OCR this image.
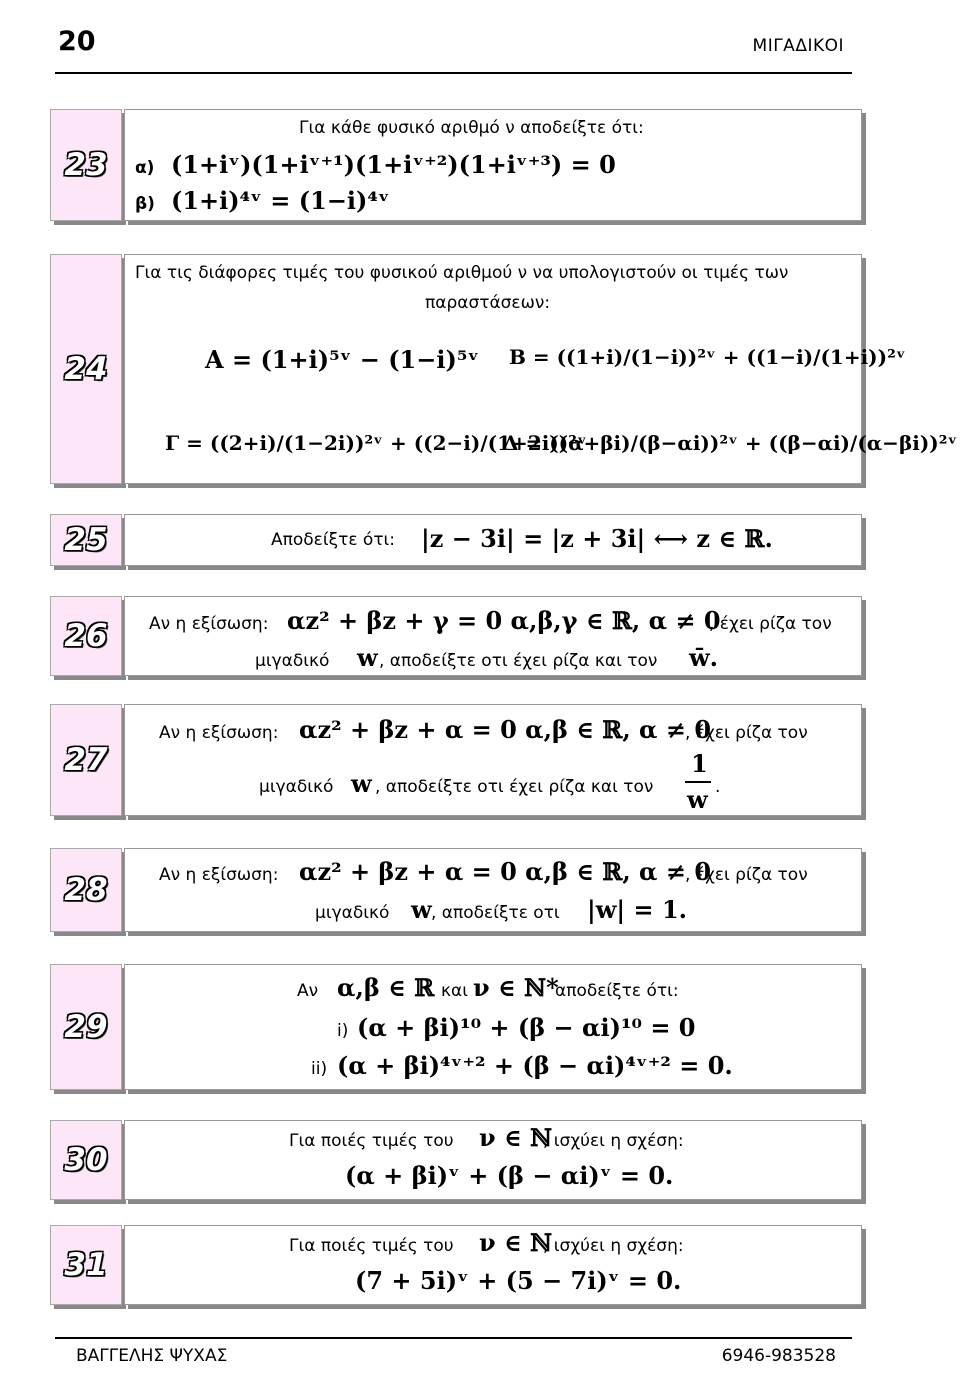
20	ΜΙΓΑΔΙΚΟΙ
23
Για κάθε φυσικό αριθμό ν αποδείξτε ότι:
α) (1+iᵛ)(1+iᵛ⁺¹)(1+iᵛ⁺²)(1+iᵛ⁺³) = 0
β) (1+i)⁴ᵛ = (1−i)⁴ᵛ
24
Για τις διάφορες τιμές του φυσικού αριθμού ν να υπολογιστούν οι τιμές των
παραστάσεων:
Α = (1+i)⁵ᵛ − (1−i)⁵ᵛ Β = ((1+i)/(1−i))²ᵛ + ((1−i)/(1+i))²ᵛ
Γ = ((2+i)/(1−2i))²ᵛ + ((2−i)/(1+2i))²ᵛ
Δ = ((α+βi)/(β−αi))²ᵛ + ((β−αi)/(α−βi))²ᵛ
25	Αποδείξτε ότι: |z − 3i| = |z + 3i| ⟷ z ∈ ℝ.
26 Αν η εξίσωση: αz² + βz + γ = 0 α,β,γ ∈ ℝ, α ≠ 0
, έχει ρίζα τον
μιγαδικό w , αποδείξτε οτι έχει ρίζα και τον w̄.
27
Αν η εξίσωση: αz² + βz + α = 0 α,β ∈ ℝ, α ≠ 0
, έχει ρίζα τον
μιγαδικό w , αποδείξτε οτι έχει ρίζα και τον
1
w .
28	Αν η εξίσωση: αz² + βz + α = 0 α,β ∈ ℝ, α ≠ 0
, έχει ρίζα τον
μιγαδικό w , αποδείξτε οτι |w| = 1.
29
Αν α,β ∈ ℝ και ν ∈ ℕ*
αποδείξτε ότι:
i) (α + βi)¹⁰ + (β − αi)¹⁰ = 0
ii) (α + βi)⁴ᵛ⁺² + (β − αi)⁴ᵛ⁺² = 0.
30
Για ποιές τιμές του ν ∈ ℕ
, ισχύει η σχέση:
(α + βi)ᵛ + (β − αi)ᵛ = 0.
31
Για ποιές τιμές του ν ∈ ℕ
, ισχύει η σχέση:
(7 + 5i)ᵛ + (5 − 7i)ᵛ = 0.
ΒΑΓΓΕΛΗΣ ΨΥΧΑΣ	6946-983528
